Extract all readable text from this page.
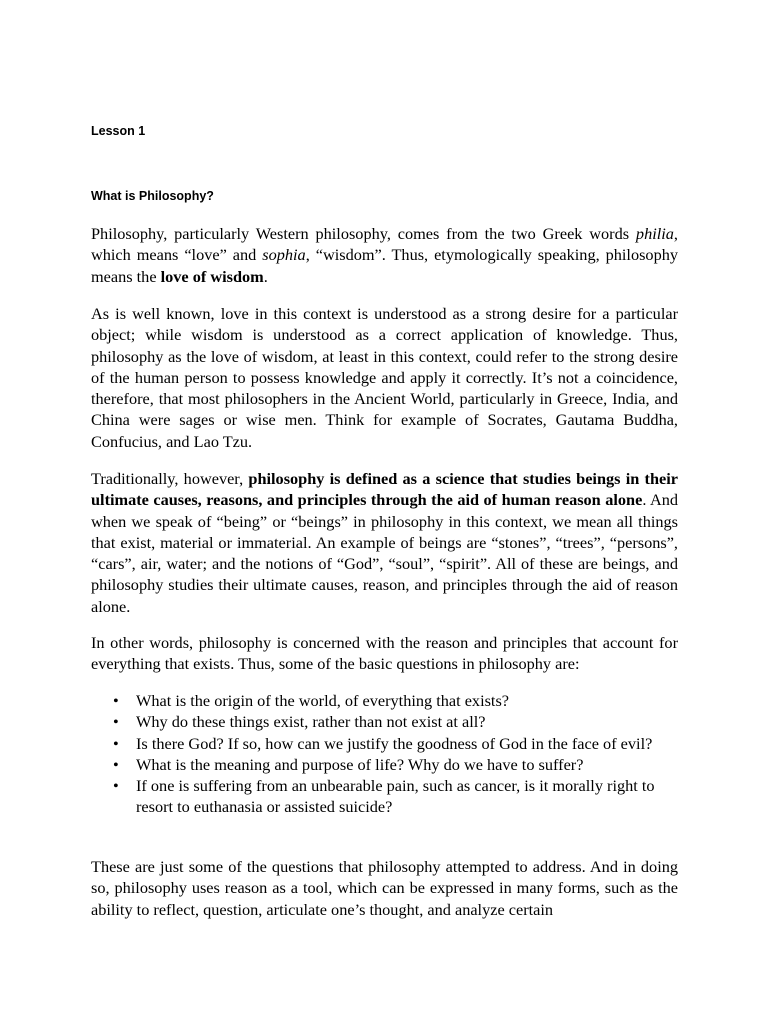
Lesson 1
What is Philosophy?

Philosophy, particularly Western philosophy, comes from the two Greek words philia, which means “love” and sophia, “wisdom”. Thus, etymologically speaking, philosophy means the love of wisdom.

As is well known, love in this context is understood as a strong desire for a particular object; while wisdom is understood as a correct application of knowledge. Thus, philosophy as the love of wisdom, at least in this context, could refer to the strong desire of the human person to possess knowledge and apply it correctly. It’s not a coincidence, therefore, that most philosophers in the Ancient World, particularly in Greece, India, and China were sages or wise men. Think for example of Socrates, Gautama Buddha, Confucius, and Lao Tzu.

Traditionally, however, philosophy is defined as a science that studies beings in their ultimate causes, reasons, and principles through the aid of human reason alone. And when we speak of “being” or “beings” in philosophy in this context, we mean all things that exist, material or immaterial. An example of beings are “stones”, “trees”, “persons”, “cars”, air, water; and the notions of “God”, “soul”, “spirit”. All of these are beings, and philosophy studies their ultimate causes, reason, and principles through the aid of reason alone.

In other words, philosophy is concerned with the reason and principles that account for everything that exists. Thus, some of the basic questions in philosophy are:

• What is the origin of the world, of everything that exists?
• Why do these things exist, rather than not exist at all?
• Is there God? If so, how can we justify the goodness of God in the face of evil?
• What is the meaning and purpose of life? Why do we have to suffer?
• If one is suffering from an unbearable pain, such as cancer, is it morally right to resort to euthanasia or assisted suicide?

These are just some of the questions that philosophy attempted to address. And in doing so, philosophy uses reason as a tool, which can be expressed in many forms, such as the ability to reflect, question, articulate one’s thought, and analyze certain
